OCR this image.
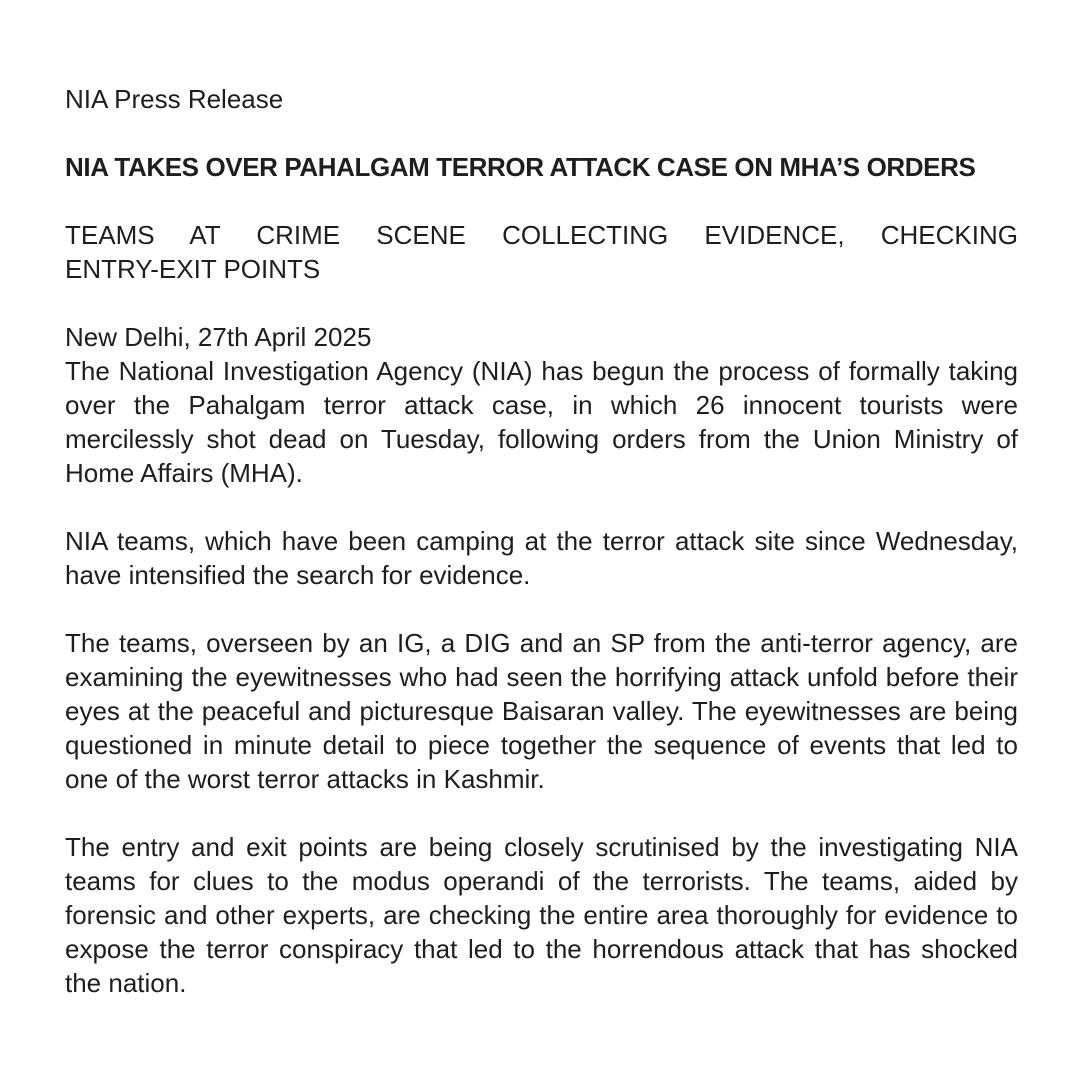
NIA Press Release
NIA TAKES OVER PAHALGAM TERROR ATTACK CASE ON MHA’S ORDERS
TEAMS AT CRIME SCENE COLLECTING EVIDENCE, CHECKING
ENTRY-EXIT POINTS
New Delhi, 27th April 2025
The National Investigation Agency (NIA) has begun the process of formally taking over the Pahalgam terror attack case, in which 26 innocent tourists were mercilessly shot dead on Tuesday, following orders from the Union Ministry of Home Affairs (MHA).
NIA teams, which have been camping at the terror attack site since Wednesday, have intensified the search for evidence.
The teams, overseen by an IG, a DIG and an SP from the anti-terror agency, are examining the eyewitnesses who had seen the horrifying attack unfold before their eyes at the peaceful and picturesque Baisaran valley. The eyewitnesses are being questioned in minute detail to piece together the sequence of events that led to one of the worst terror attacks in Kashmir.
The entry and exit points are being closely scrutinised by the investigating NIA teams for clues to the modus operandi of the terrorists. The teams, aided by forensic and other experts, are checking the entire area thoroughly for evidence to expose the terror conspiracy that led to the horrendous attack that has shocked the nation.
